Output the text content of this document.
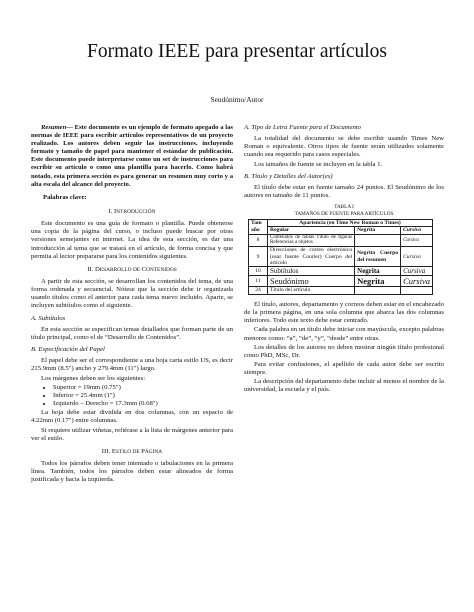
Formato IEEE para presentar artículos
Seudónimo/Autor

Resumen— Este documento es un ejemplo de formato apegado a las normas de IEEE para escribir artículos representativos de un proyecto realizado. Los autores deben seguir las instrucciones, incluyendo formato y tamaño de papel para mantener el estándar de publicación. Este documento puede interpretarse como un set de instrucciones para escribir su artículo o como una plantilla para hacerlo. Como habrá notado, esta primera sección es para generar un resumen muy corto y a alta escala del alcance del proyecto.

Palabras clave:

I. INTRODUCCIÓN

Este documento es una guía de formato o plantilla. Puede obtenerse una copia de la página del curso, o incluso puede buscar por otras versiones semejantes en internet. La idea de esta sección, es dar una introducción al tema que se tratará en el artículo, de forma concisa y que permita al lector prepararse para los contenidos siguientes.

II. DESARROLLO DE CONTENIDOS

A partir de esta sección, se desarrollan los contenidos del tema, de una forma ordenada y secuencial. Nótese que la sección debe ir organizada usando títulos como el anterior para cada tema nuevo incluido. Aparte, se incluyen subtítulos como el siguiente.

A. Subtítulos

En esta sección se especifican temas detallados que forman parte de un título principal, como el de “Desarrollo de Contenidos”.

B. Especificación del Papel

El papel debe ser el correspondiente a una hoja carta estilo US, es decir 215.9mm (8.5") ancho y 279.4mm (11") largo.

Los márgenes deben ser los siguientes:

• Superior = 19mm (0.75")
• Inferior = 25.4mm (1")
• Izquierdo – Derecho = 17.3mm (0.68")

La hoja debe estar dividida en dos columnas, con un espacio de 4.22mm (0.17") entre columnas.

Si requiere utilizar viñetas, refiérase a la lista de márgenes anterior para ver el estilo.

III. ESTILO DE PÁGINA

Todos los párrafos deben tener intentado o tabulaciones en la primera línea. También, todos los párrafos deben estar alineados de forma justificada y hacia la izquierda.

A. Tipo de Letra Fuente para el Documento

La totalidad del documento se debe escribir usando Times New Roman o equivalente. Otros tipos de fuente serán utilizados solamente cuando sea requerido para casos especiales.

Los tamaños de fuente se incluyen en la tabla 1.

B. Título y Detalles del Autor(es)

El título debe estar en fuente tamaño 24 puntos. El Seudónimo de los autores en tamaño de 11 puntos.

TABLA I
TAMAÑOS DE FUENTE PARA ARTÍCULOS

Tam año	Apariencia (en Time New Roman o Times)		
	Regular	Negrita	Cursiva
8	Contenidos de tablas Título de figuras Referencias a objetos		Cursiva
9	Direcciones de correo electrónico (usar fuente Courier) Cuerpo del artículo	Negrita Cuerpo del resumen	Cursiva
10	Subtítulos	Negrita	Cursiva
11	Seudónimo	Negrita	Cursiva
24	Título del artículo		

El título, autores, departamento y correos deben estar en el encabezado de la primera página, en una sola columna que abarca las dos columnas inferiores. Todo este texto debe estar centrado.

Cada palabra en un título debe iniciar con mayúscula, excepto palabras menores como: “a”, “de”, “y”, “desde” entre otras.

Los detalles de los autores no deben mostrar ningún título profesional como PhD, MSc, Dr.

Para evitar confusiones, el apellido de cada autor debe ser escrito siempre.

La descripción del departamento debe incluir al menos el nombre de la universidad, la escuela y el país.
